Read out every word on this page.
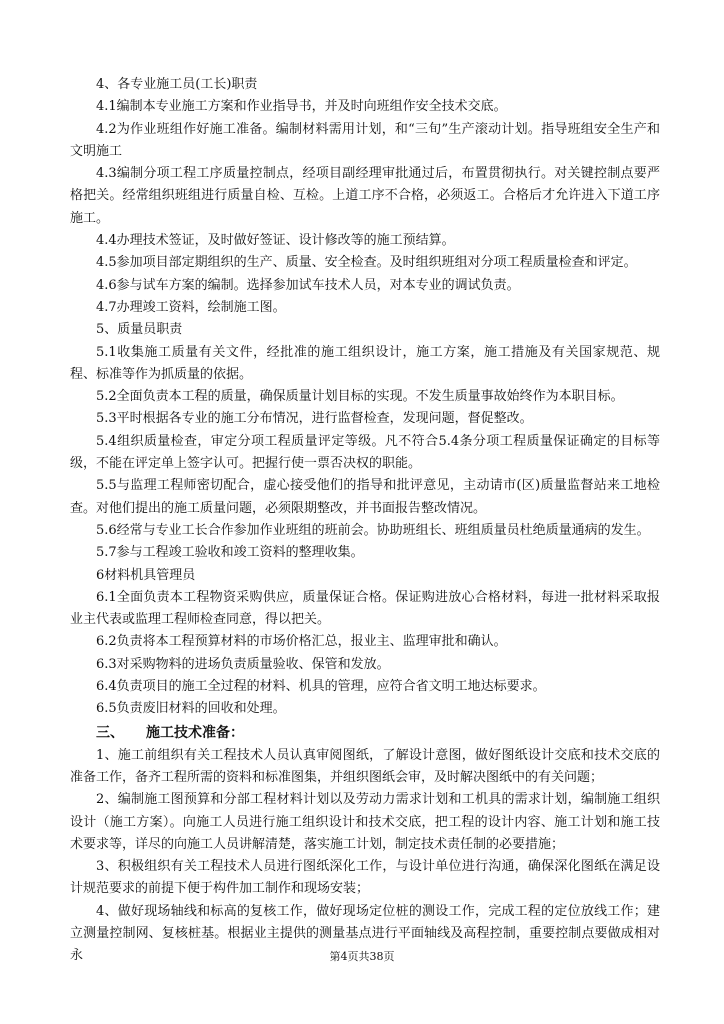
4、各专业施工员(工长)职责

4.1编制本专业施工方案和作业指导书，并及时向班组作安全技术交底。

4.2为作业班组作好施工准备。编制材料需用计划，和“三旬”生产滚动计划。指导班组安全生产和文明施工

4.3编制分项工程工序质量控制点，经项目副经理审批通过后，布置贯彻执行。对关键控制点要严格把关。经常组织班组进行质量自检、互检。上道工序不合格，必须返工。合格后才允许进入下道工序施工。

4.4办理技术签证，及时做好签证、设计修改等的施工预结算。

4.5参加项目部定期组织的生产、质量、安全检查。及时组织班组对分项工程质量检查和评定。

4.6参与试车方案的编制。选择参加试车技术人员，对本专业的调试负责。

4.7办理竣工资料，绘制施工图。

5、质量员职责

5.1收集施工质量有关文件，经批准的施工组织设计，施工方案，施工措施及有关国家规范、规程、标准等作为抓质量的依据。

5.2全面负责本工程的质量，确保质量计划目标的实现。不发生质量事故始终作为本职目标。

5.3平时根据各专业的施工分布情况，进行监督检查，发现问题，督促整改。

5.4组织质量检查，审定分项工程质量评定等级。凡不符合5.4条分项工程质量保证确定的目标等级，不能在评定单上签字认可。把握行使一票否决权的职能。

5.5与监理工程师密切配合，虚心接受他们的指导和批评意见，主动请市(区)质量监督站来工地检查。对他们提出的施工质量问题，必须限期整改，并书面报告整改情况。

5.6经常与专业工长合作参加作业班组的班前会。协助班组长、班组质量员杜绝质量通病的发生。

5.7参与工程竣工验收和竣工资料的整理收集。

6材料机具管理员

6.1全面负责本工程物资采购供应，质量保证合格。保证购进放心合格材料，每进一批材料采取报业主代表或监理工程师检查同意，得以把关。

6.2负责将本工程预算材料的市场价格汇总，报业主、监理审批和确认。

6.3对采购物料的进场负责质量验收、保管和发放。

6.4负责项目的施工全过程的材料、机具的管理，应符合省文明工地达标要求。

6.5负责废旧材料的回收和处理。

三、 施工技术准备：

1、施工前组织有关工程技术人员认真审阅图纸，了解设计意图，做好图纸设计交底和技术交底的准备工作，备齐工程所需的资料和标准图集，并组织图纸会审，及时解决图纸中的有关问题；

2、编制施工图预算和分部工程材料计划以及劳动力需求计划和工机具的需求计划，编制施工组织设计（施工方案）。向施工人员进行施工组织设计和技术交底，把工程的设计内容、施工计划和施工技术要求等，详尽的向施工人员讲解清楚，落实施工计划，制定技术责任制的必要措施；

3、积极组织有关工程技术人员进行图纸深化工作，与设计单位进行沟通，确保深化图纸在满足设计规范要求的前提下便于构件加工制作和现场安装；

4、做好现场轴线和标高的复核工作，做好现场定位桩的测设工作，完成工程的定位放线工作；建立测量控制网、复核桩基。根据业主提供的测量基点进行平面轴线及高程控制，重要控制点要做成相对永	第4页共38页
